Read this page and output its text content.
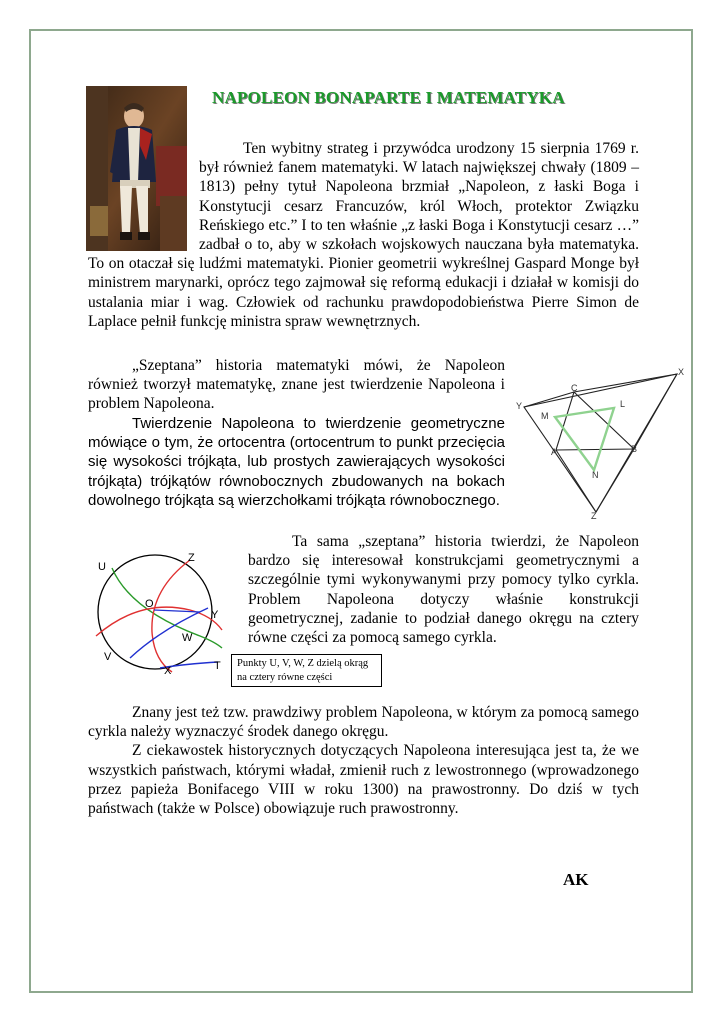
NAPOLEON BONAPARTE I MATEMATYKA

Ten wybitny strateg i przywódca urodzony 15 sierpnia 1769 r. był również fanem matematyki. W latach największej chwały (1809 – 1813) pełny tytuł Napoleona brzmiał „Napoleon, z łaski Boga i Konstytucji cesarz Francuzów, król Włoch, protektor Związku Reńskiego etc.” I to ten właśnie „z łaski Boga i Konstytucji cesarz …” zadbał o to, aby w szkołach wojskowych nauczana była matematyka. To on otaczał się ludźmi matematyki. Pionier geometrii wykreślnej Gaspard Monge był ministrem marynarki, oprócz tego zajmował się reformą edukacji i działał w komisji do ustalania miar i wag. Człowiek od rachunku prawdopodobieństwa Pierre Simon de Laplace pełnił funkcję ministra spraw wewnętrznych.

X
Y
Z
A	B
C
L
M
N

„Szeptana” historia matematyki mówi, że Napoleon również tworzył matematykę, znane jest twierdzenie Napoleona i problem Napoleona.

Twierdzenie Napoleona to twierdzenie geometryczne mówiące o tym, że ortocentra (ortocentrum to punkt przecięcia się wysokości trójkąta, lub prostych zawierających wysokości trójkąta) trójkątów równobocznych zbudowanych na bokach dowolnego trójkąta są wierzchołkami trójkąta równobocznego.

U
Z
O
Y
W
V
X	T

Ta sama „szeptana” historia twierdzi, że Napoleon bardzo się interesował konstrukcjami geometrycznymi a szczególnie tymi wykonywanymi przy pomocy tylko cyrkla. Problem Napoleona dotyczy właśnie konstrukcji geometrycznej, zadanie to podział danego okręgu na cztery równe części za pomocą samego cyrkla.

Punkty U, V, W, Z dzielą okrąg na cztery równe części

Znany jest też tzw. prawdziwy problem Napoleona, w którym za pomocą samego cyrkla należy wyznaczyć środek danego okręgu.

Z ciekawostek historycznych dotyczących Napoleona interesująca jest ta, że we wszystkich państwach, którymi władał, zmienił ruch z lewostronnego (wprowadzonego przez papieża Bonifacego VIII w roku 1300) na prawostronny. Do dziś w tych państwach (także w Polsce) obowiązuje ruch prawostronny.

AK
